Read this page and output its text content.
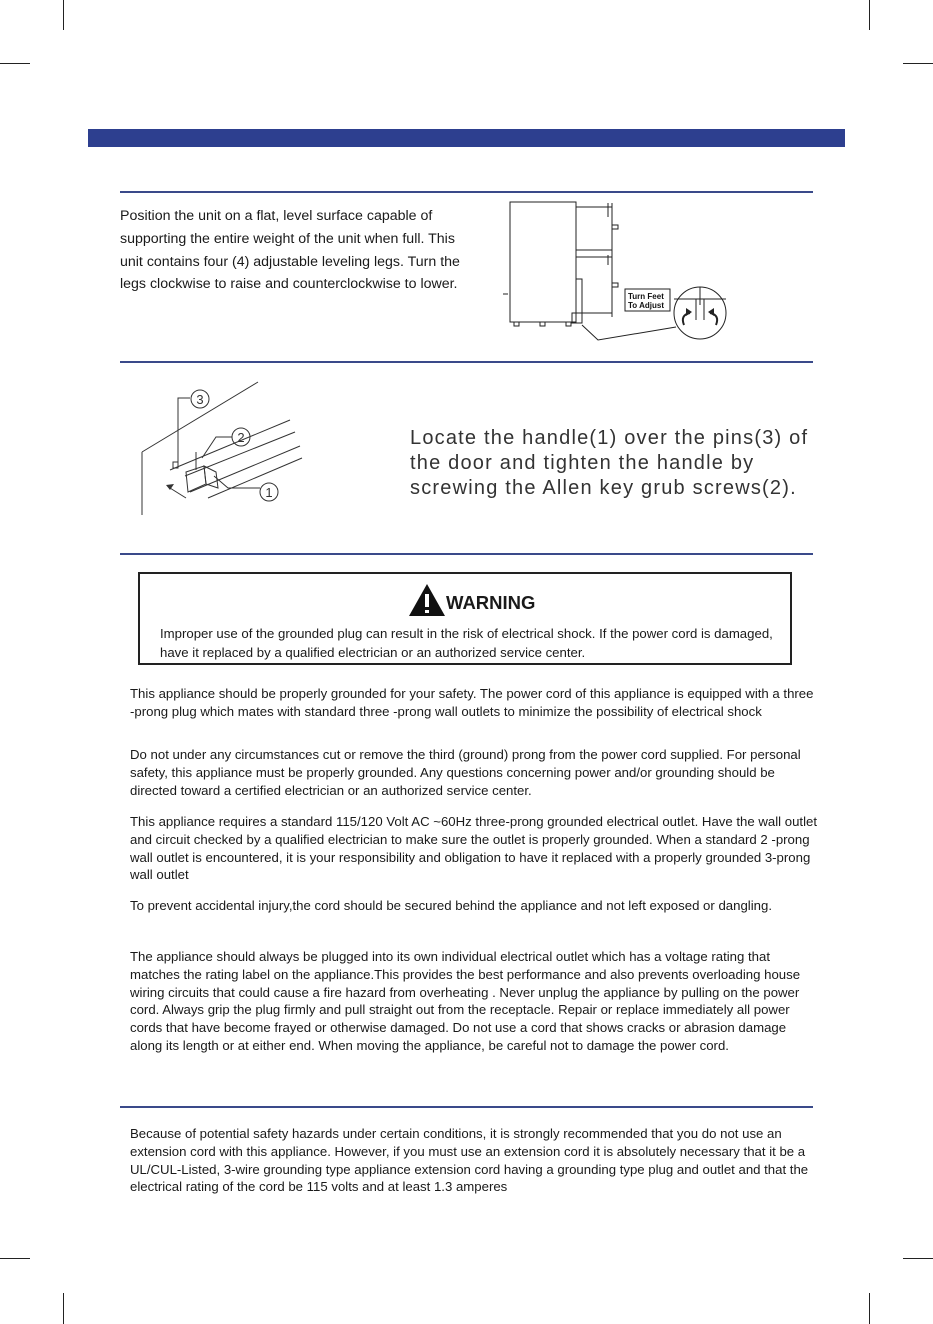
Position the unit on a flat, level surface capable of supporting the entire weight of the unit when full. This unit contains four (4) adjustable leveling legs. Turn the legs clockwise to raise and counterclockwise to lower.

Turn Feet
To Adjust
3
2
1

Locate the handle(1) over the pins(3) of the door and tighten the handle by screwing the Allen key grub screws(2).

WARNING
Improper use of the grounded plug can result in the risk of electrical shock. If the power cord is damaged, have it replaced by a qualified electrician or an authorized service center.

This appliance should be properly grounded for your safety. The power cord of this appliance is equipped with a three -prong plug which mates with standard three -prong wall outlets to minimize the possibility of electrical shock

Do not under any circumstances cut or remove the third (ground) prong from the power cord supplied. For personal safety, this appliance must be properly grounded. Any questions concerning power and/or grounding should be directed toward a certified electrician or an authorized service center.

This appliance requires a standard 115/120 Volt AC ~60Hz three-prong grounded electrical outlet. Have the wall outlet and circuit checked by a qualified electrician to make sure the outlet is properly grounded. When a standard 2 -prong wall outlet is encountered, it is your responsibility and obligation to have it replaced with a properly grounded 3-prong wall outlet

To prevent accidental injury,the cord should be secured behind the appliance and not left exposed or dangling.

The appliance should always be plugged into its own individual electrical outlet which has a voltage rating that matches the rating label on the appliance.This provides the best performance and also prevents overloading house wiring circuits that could cause a fire hazard from overheating . Never unplug the appliance by pulling on the power cord. Always grip the plug firmly and pull straight out from the receptacle. Repair or replace immediately all power cords that have become frayed or otherwise damaged. Do not use a cord that shows cracks or abrasion damage along its length or at either end. When moving the appliance, be careful not to damage the power cord.

Because of potential safety hazards under certain conditions, it is strongly recommended that you do not use an extension cord with this appliance. However, if you must use an extension cord it is absolutely necessary that it be a UL/CUL-Listed, 3-wire grounding type appliance extension cord having a grounding type plug and outlet and that the electrical rating of the cord be 115 volts and at least 1.3 amperes
